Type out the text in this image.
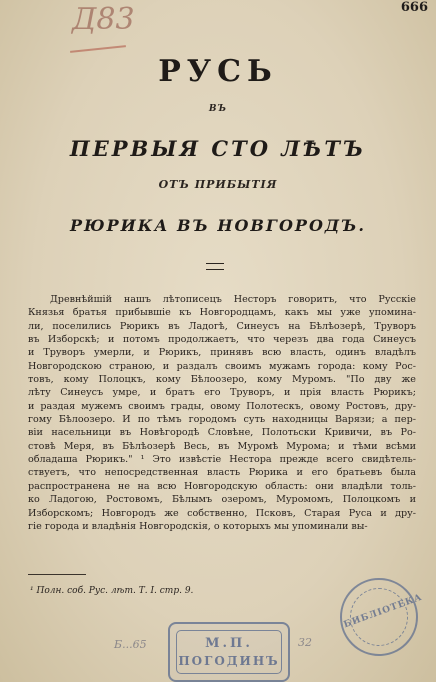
Д83	666
РУСЬ
ВЪ
ПЕРВЫЯ СТО ЛѢТЪ
ОТЪ ПРИБЫТІЯ
РЮРИКА ВЪ НОВГОРОДЪ.
Древнѣйшій нашъ лѣтописецъ Несторъ говоритъ, что Русскіе
Князья братья прибывшіе къ Новгородцамъ, какъ мы уже упомина-
ли, поселились Рюрикъ въ Ладогѣ, Синеусъ на Бѣлѣозерѣ, Труворъ
въ Изборскѣ; и потомъ продолжаетъ, что черезъ два года Синеусъ
и Труворъ умерли, и Рюрикъ, принявъ всю власть, одинъ владѣлъ
Новгородскою страною, и раздалъ своимъ мужамъ города: кому Рос-
товъ, кому Полоцкъ, кому Бѣлоозеро, кому Муромъ. "По дву же
лѣту Синеусъ умре, и братъ его Труворъ, и прія власть Рюрикъ;
и раздая мужемъ своимъ грады, овому Полотескъ, овому Ростовъ, дру-
гому Бѣлоозеро. И по тѣмъ городомъ суть находницы Варязи; а пер-
віи насельници въ Новѣгородѣ Словѣне, Полотьски Кривичи, въ Ро-
стовѣ Меря, въ Бѣлѣозерѣ Весь, въ Муромѣ Мурома; и тѣми всѣми
обладаша Рюрикъ." ¹ Это извѣстіе Нестора прежде всего свидѣтель-
ствуетъ, что непосредственная власть Рюрика и его братьевъ была
распространена не на всю Новгородскую область: они владѣли толь-
ко Ладогою, Ростовомъ, Бѣлымъ озеромъ, Муромомъ, Полоцкомъ и
Изборскомъ; Новгородъ же собственно, Псковъ, Старая Руса и дру-
гіе города и владѣнія Новгородскія, о которыхъ мы упоминали вы-
¹ Полн. соб. Рус. лѣт. Т. I. стр. 9.
М.П.
ПОГОДИНЪ
БИБЛІОТЕКА
Б...65	32
